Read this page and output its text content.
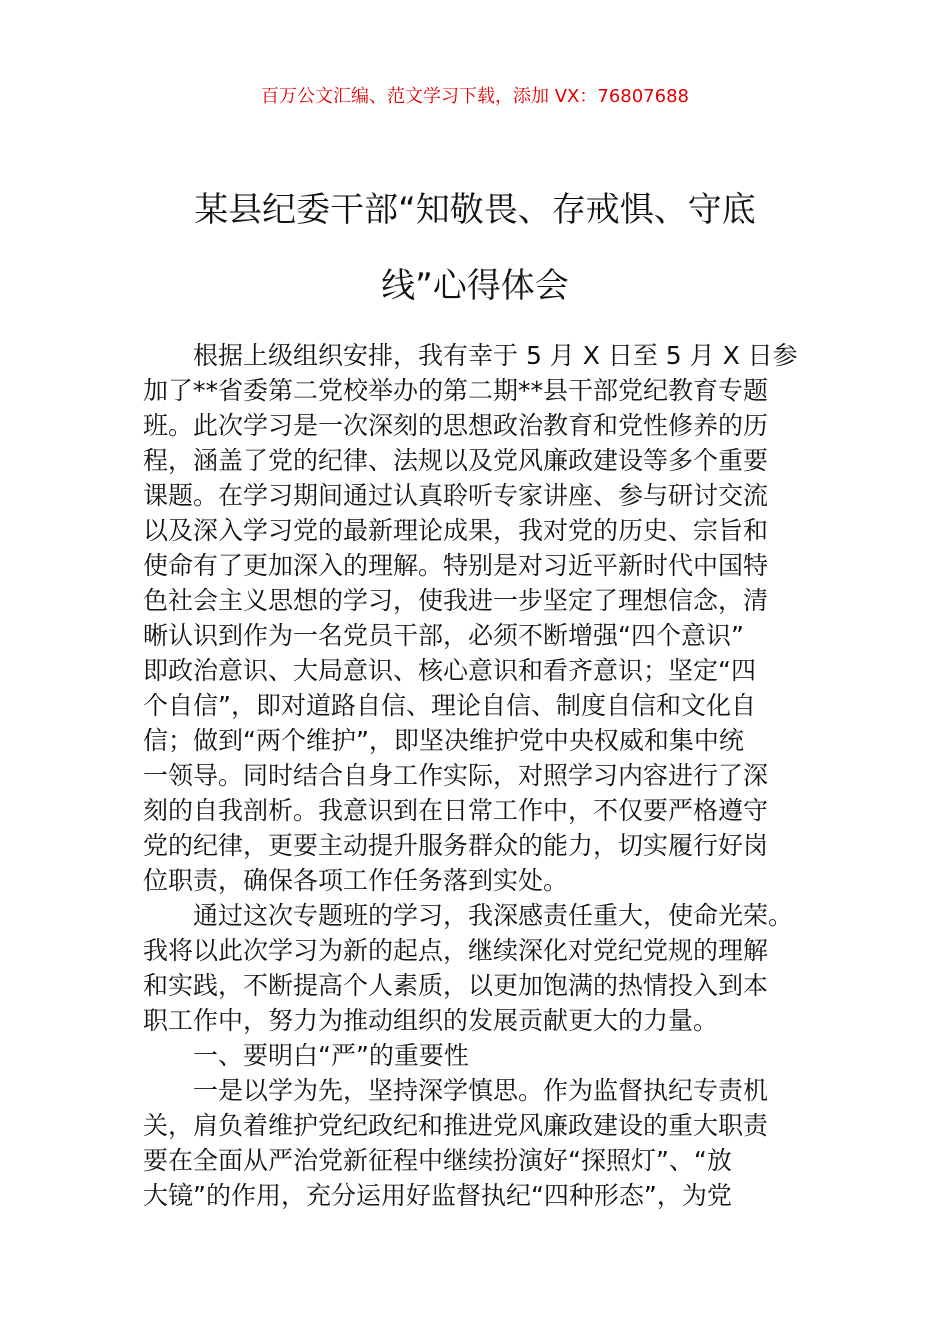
百万公文汇编、范文学习下载，添加 VX：76807688
某县纪委干部“知敬畏、存戒惧、守底
线”心得体会
根据上级组织安排，我有幸于 5 月 X 日至 5 月 X 日参
加了**省委第二党校举办的第二期**县干部党纪教育专题
班。此次学习是一次深刻的思想政治教育和党性修养的历
程，涵盖了党的纪律、法规以及党风廉政建设等多个重要
课题。在学习期间通过认真聆听专家讲座、参与研讨交流
以及深入学习党的最新理论成果，我对党的历史、宗旨和
使命有了更加深入的理解。特别是对习近平新时代中国特
色社会主义思想的学习，使我进一步坚定了理想信念，清
晰认识到作为一名党员干部，必须不断增强“四个意识”
即政治意识、大局意识、核心意识和看齐意识；坚定“四
个自信”，即对道路自信、理论自信、制度自信和文化自
信；做到“两个维护”，即坚决维护党中央权威和集中统
一领导。同时结合自身工作实际，对照学习内容进行了深
刻的自我剖析。我意识到在日常工作中，不仅要严格遵守
党的纪律，更要主动提升服务群众的能力，切实履行好岗
位职责，确保各项工作任务落到实处。
通过这次专题班的学习，我深感责任重大，使命光荣。
我将以此次学习为新的起点，继续深化对党纪党规的理解
和实践，不断提高个人素质，以更加饱满的热情投入到本
职工作中，努力为推动组织的发展贡献更大的力量。
一、要明白“严”的重要性
一是以学为先，坚持深学慎思。作为监督执纪专责机
关，肩负着维护党纪政纪和推进党风廉政建设的重大职责
要在全面从严治党新征程中继续扮演好“探照灯”、“放
大镜”的作用，充分运用好监督执纪“四种形态”，为党
